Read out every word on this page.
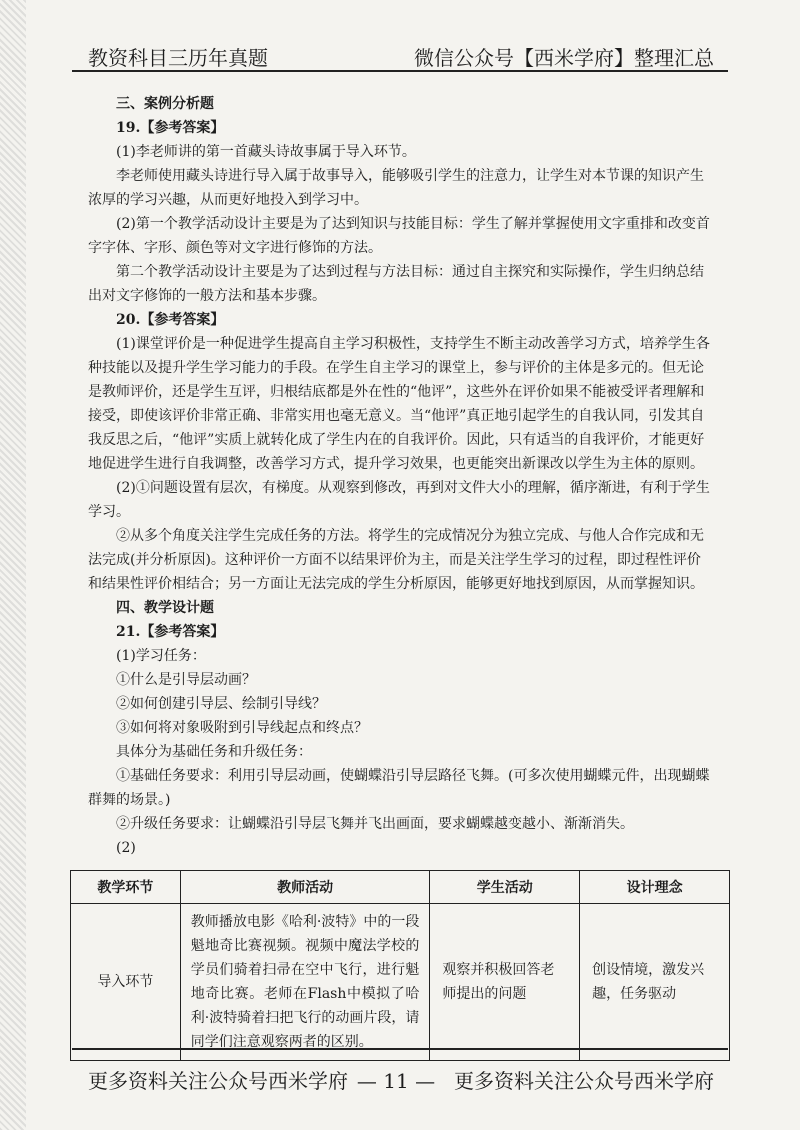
教资科目三历年真题	微信公众号【西米学府】整理汇总

三、案例分析题

19.【参考答案】

(1)李老师讲的第一首藏头诗故事属于导入环节。

李老师使用藏头诗进行导入属于故事导入，能够吸引学生的注意力，让学生对本节课的知识产生浓厚的学习兴趣，从而更好地投入到学习中。

(2)第一个教学活动设计主要是为了达到知识与技能目标：学生了解并掌握使用文字重排和改变首字字体、字形、颜色等对文字进行修饰的方法。

第二个教学活动设计主要是为了达到过程与方法目标：通过自主探究和实际操作，学生归纳总结出对文字修饰的一般方法和基本步骤。

20.【参考答案】

(1)课堂评价是一种促进学生提高自主学习积极性，支持学生不断主动改善学习方式，培养学生各种技能以及提升学生学习能力的手段。在学生自主学习的课堂上，参与评价的主体是多元的。但无论是教师评价，还是学生互评，归根结底都是外在性的“他评”，这些外在评价如果不能被受评者理解和接受，即使该评价非常正确、非常实用也毫无意义。当“他评”真正地引起学生的自我认同，引发其自我反思之后，“他评”实质上就转化成了学生内在的自我评价。因此，只有适当的自我评价，才能更好地促进学生进行自我调整，改善学习方式，提升学习效果，也更能突出新课改以学生为主体的原则。

(2)①问题设置有层次，有梯度。从观察到修改，再到对文件大小的理解，循序渐进，有利于学生学习。

②从多个角度关注学生完成任务的方法。将学生的完成情况分为独立完成、与他人合作完成和无法完成(并分析原因)。这种评价一方面不以结果评价为主，而是关注学生学习的过程，即过程性评价和结果性评价相结合；另一方面让无法完成的学生分析原因，能够更好地找到原因，从而掌握知识。

四、教学设计题

21.【参考答案】

(1)学习任务：

①什么是引导层动画？

②如何创建引导层、绘制引导线？

③如何将对象吸附到引导线起点和终点？

具体分为基础任务和升级任务：

①基础任务要求：利用引导层动画，使蝴蝶沿引导层路径飞舞。(可多次使用蝴蝶元件，出现蝴蝶群舞的场景。)

②升级任务要求：让蝴蝶沿引导层飞舞并飞出画面，要求蝴蝶越变越小、渐渐消失。

(2)

教学环节	教师活动	学生活动	设计理念
导入环节	教师播放电影《哈利·波特》中的一段魁地奇比赛视频。视频中魔法学校的学员们骑着扫帚在空中飞行，进行魁地奇比赛。老师在Flash中模拟了哈利·波特骑着扫把飞行的动画片段，请同学们注意观察两者的区别。	观察并积极回答老师提出的问题	创设情境，激发兴趣，任务驱动
更多资料关注公众号西米学府 — 11 — 更多资料关注公众号西米学府
